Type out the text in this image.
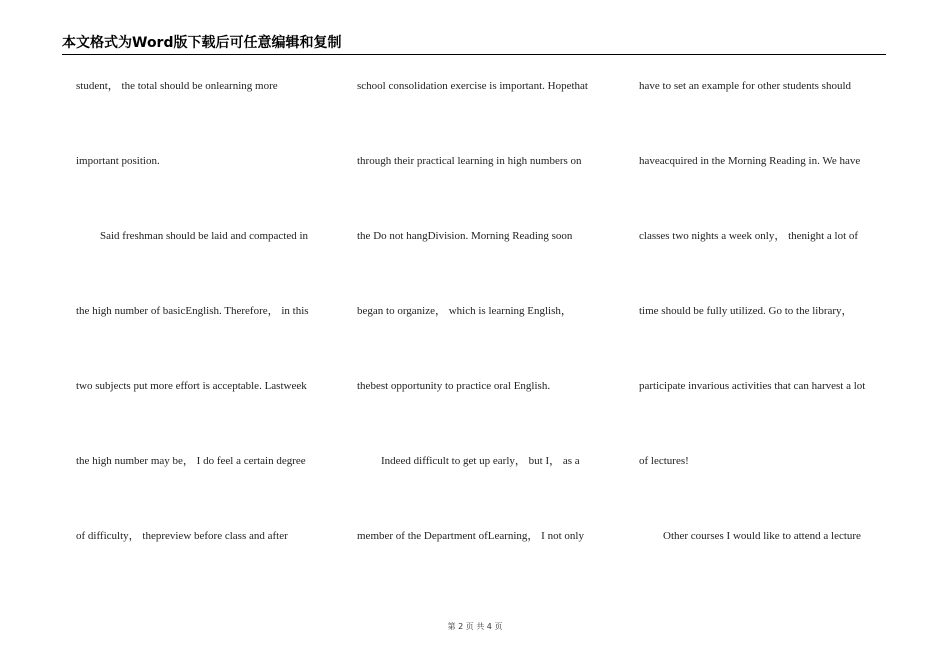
本文格式为Word版下载后可任意编辑和复制
student， the total should be onlearning more
important position.
Said freshman should be laid and compacted in
the high number of basicEnglish. Therefore， in this
two subjects put more effort is acceptable. Lastweek
the high number may be， I do feel a certain degree
of difficulty， thepreview before class and after
school consolidation exercise is important. Hopethat
through their practical learning in high numbers on
the Do not hangDivision. Morning Reading soon
began to organize， which is learning English，
thebest opportunity to practice oral English.
Indeed difficult to get up early， but I， as a
member of the Department ofLearning， I not only
have to set an example for other students should
haveacquired in the Morning Reading in. We have
classes two nights a week only， thenight a lot of
time should be fully utilized. Go to the library，
participate invarious activities that can harvest a lot
of lectures!
Other courses I would like to attend a lecture
第 2 页 共 4 页
